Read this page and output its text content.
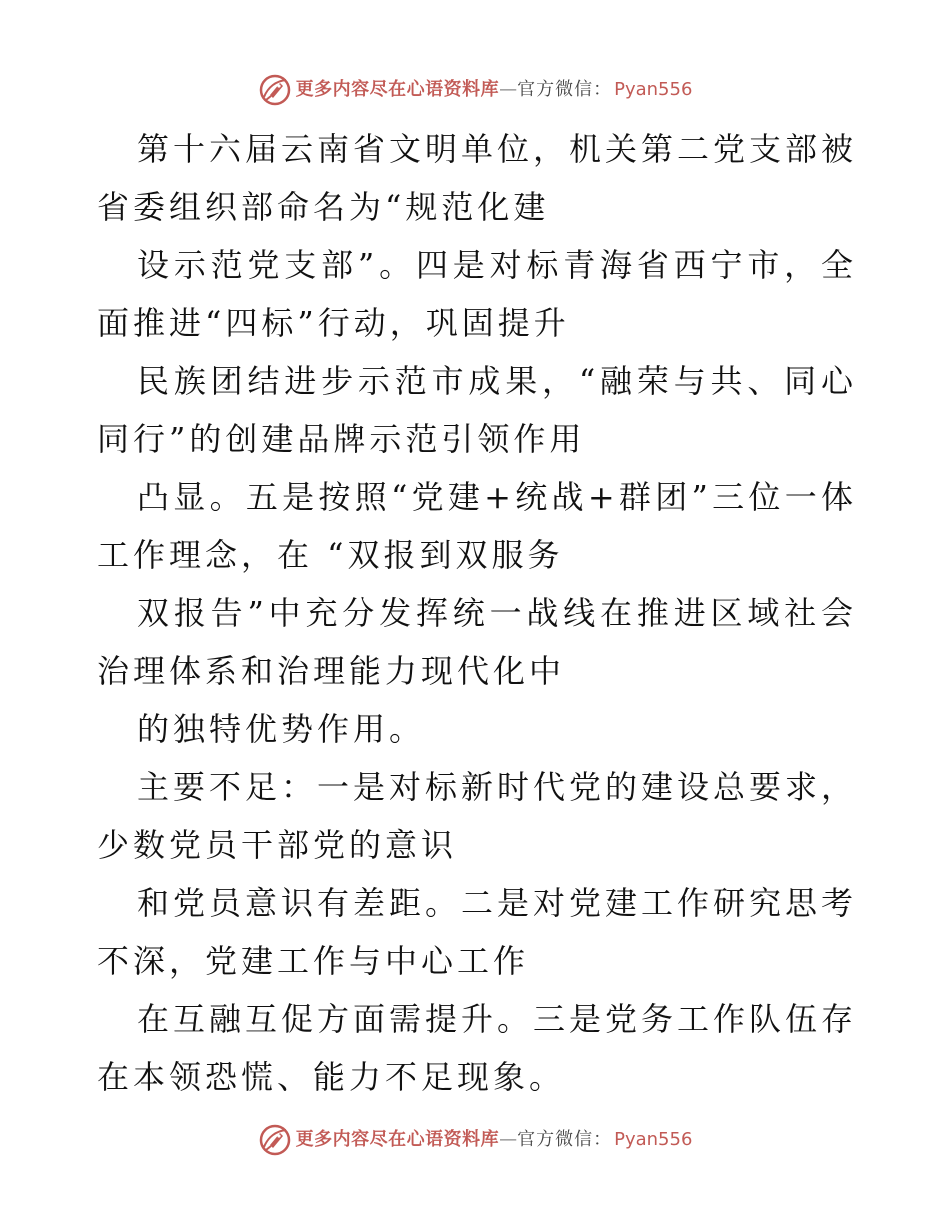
更多内容尽在心语资料库 — 官方微信： Pyan556

第十六届云南省文明单位，机关第二党支部被省委组织部命名为“规范化建

设示范党支部”。四是对标青海省西宁市，全面推进“四标”行动，巩固提升

民族团结进步示范市成果，“融荣与共、同心同行”的创建品牌示范引领作用

凸显。五是按照“党建+统战+群团”三位一体工作理念，在 “双报到双服务

双报告”中充分发挥统一战线在推进区域社会治理体系和治理能力现代化中

的独特优势作用。

主要不足：一是对标新时代党的建设总要求，少数党员干部党的意识

和党员意识有差距。二是对党建工作研究思考不深，党建工作与中心工作

在互融互促方面需提升。三是党务工作队伍存在本领恐慌、能力不足现象。

更多内容尽在心语资料库 — 官方微信： Pyan556
